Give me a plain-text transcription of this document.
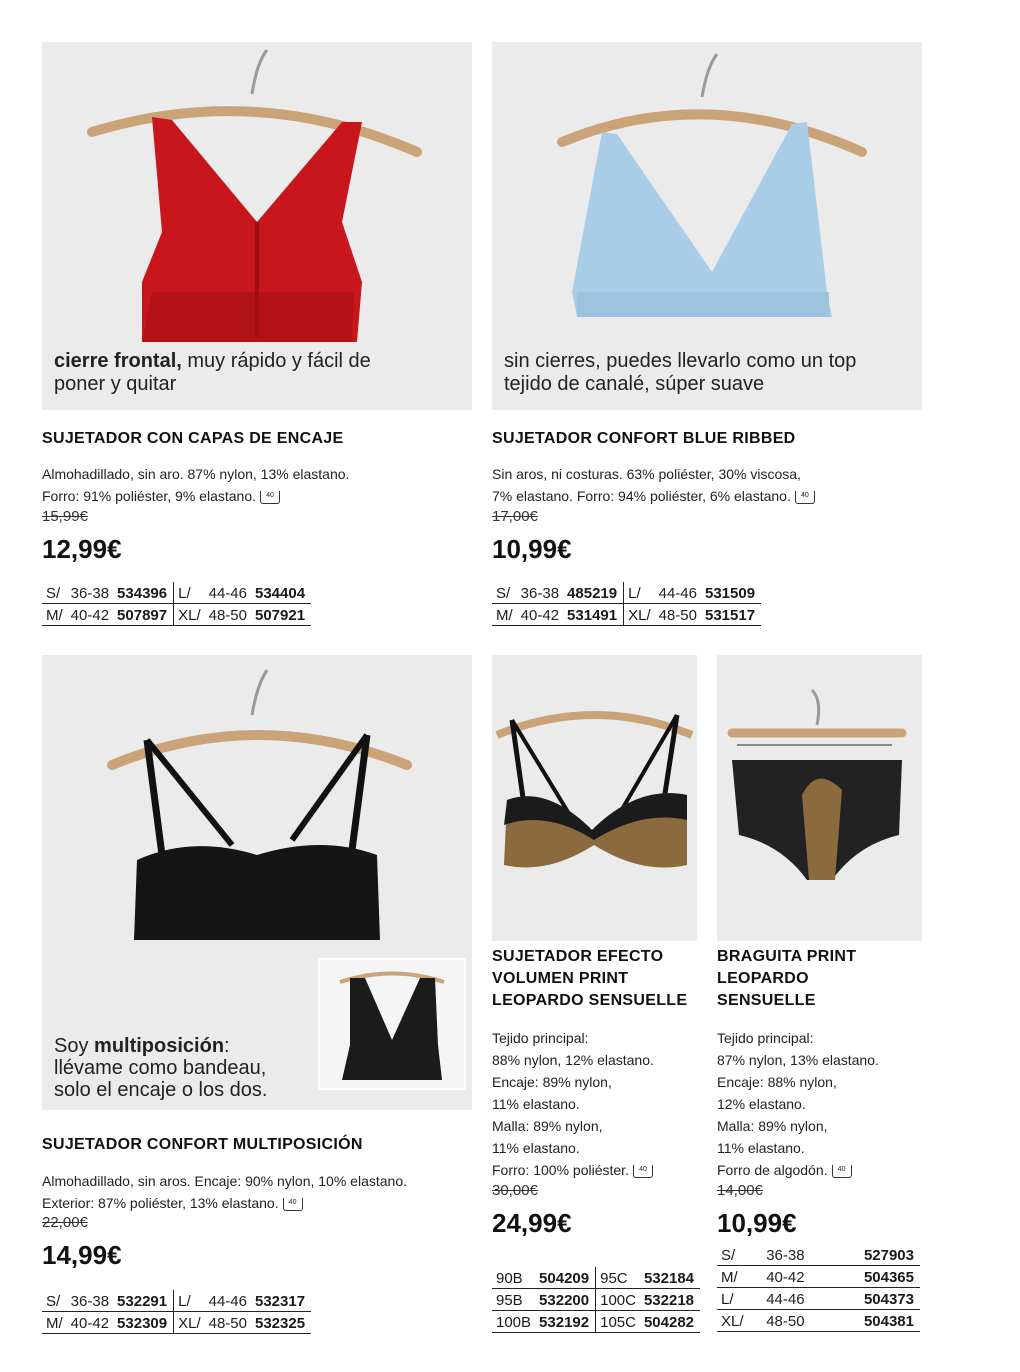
cierre frontal, muy rápido y fácil de
poner y quitar
SUJETADOR CON CAPAS DE ENCAJE
Almohadillado, sin aro. 87% nylon, 13% elastano.
Forro: 91% poliéster, 9% elastano. 40
15,99€
12,99€
S/	36-38	534396	L/	44-46	534404
M/	40-42	507897	XL/	48-50	507921
sin cierres, puedes llevarlo como un top
tejido de canalé, súper suave
SUJETADOR CONFORT BLUE RIBBED
Sin aros, ni costuras. 63% poliéster, 30% viscosa,
7% elastano. Forro: 94% poliéster, 6% elastano. 40
17,00€
10,99€
S/	36-38	485219	L/	44-46	531509
M/	40-42	531491	XL/	48-50	531517
Soy multiposición:
llévame como bandeau,
solo el encaje o los dos.
SUJETADOR CONFORT MULTIPOSICIÓN
Almohadillado, sin aros. Encaje: 90% nylon, 10% elastano.
Exterior: 87% poliéster, 13% elastano. 40
22,00€
14,99€
S/	36-38	532291	L/	44-46	532317
M/	40-42	532309	XL/	48-50	532325
SUJETADOR EFECTO
VOLUMEN PRINT
LEOPARDO SENSUELLE
Tejido principal:
88% nylon, 12% elastano.
Encaje: 89% nylon,
11% elastano.
Malla: 89% nylon,
11% elastano.
Forro: 100% poliéster. 40
30,00€
24,99€
90B	504209	95C	532184
95B	532200	100C	532218
100B	532192	105C	504282
BRAGUITA PRINT
LEOPARDO
SENSUELLE
Tejido principal:
87% nylon, 13% elastano.
Encaje: 88% nylon,
12% elastano.
Malla: 89% nylon,
11% elastano.
Forro de algodón. 40
14,00€
10,99€
S/	36-38	527903
M/	40-42	504365
L/	44-46	504373
XL/	48-50	504381
